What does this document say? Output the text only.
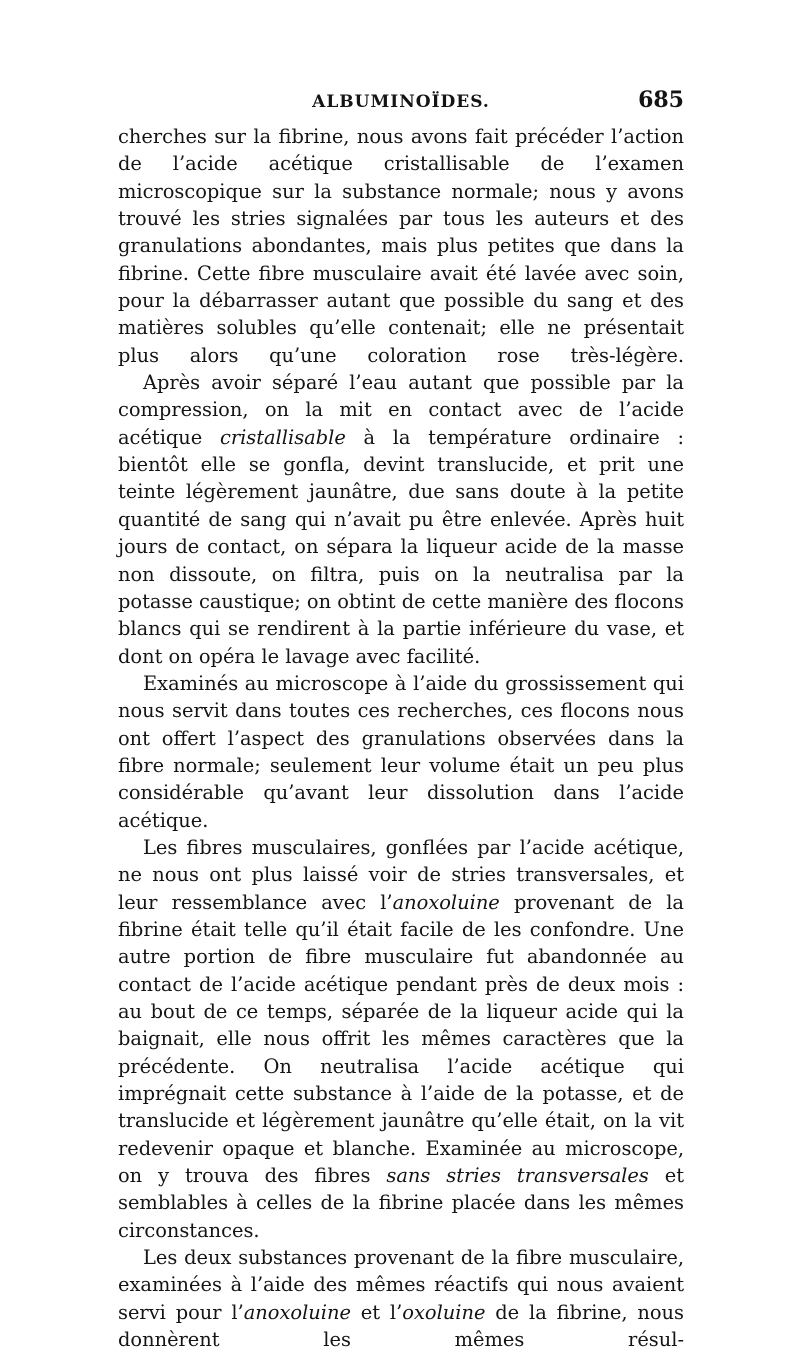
ALBUMINOÏDES.	685

cherches sur la fibrine, nous avons fait précéder l’action de l’acide acétique cristallisable de l’examen microscopique sur la substance normale; nous y avons trouvé les stries signalées par tous les auteurs et des granulations abondantes, mais plus petites que dans la fibrine. Cette fibre musculaire avait été lavée avec soin, pour la débarrasser autant que possible du sang et des matières solubles qu’elle contenait; elle ne présentait plus alors qu’une coloration rose très-légère.

Après avoir séparé l’eau autant que possible par la compression, on la mit en contact avec de l’acide acétique cristallisable à la température ordinaire : bientôt elle se gonfla, devint translucide, et prit une teinte légèrement jaunâtre, due sans doute à la petite quantité de sang qui n’avait pu être enlevée. Après huit jours de contact, on sépara la liqueur acide de la masse non dissoute, on filtra, puis on la neutralisa par la potasse caustique; on obtint de cette manière des flocons blancs qui se rendirent à la partie inférieure du vase, et dont on opéra le lavage avec facilité.

Examinés au microscope à l’aide du grossissement qui nous servit dans toutes ces recherches, ces flocons nous ont offert l’aspect des granulations observées dans la fibre normale; seulement leur volume était un peu plus considérable qu’avant leur dissolution dans l’acide acétique.

Les fibres musculaires, gonflées par l’acide acétique, ne nous ont plus laissé voir de stries transversales, et leur ressemblance avec l’anoxoluine provenant de la fibrine était telle qu’il était facile de les confondre. Une autre portion de fibre musculaire fut abandonnée au contact de l’acide acétique pendant près de deux mois : au bout de ce temps, séparée de la liqueur acide qui la baignait, elle nous offrit les mêmes caractères que la précédente. On neutralisa l’acide acétique qui imprégnait cette substance à l’aide de la potasse, et de translucide et légèrement jaunâtre qu’elle était, on la vit redevenir opaque et blanche. Examinée au microscope, on y trouva des fibres sans stries transversales et semblables à celles de la fibrine placée dans les mêmes circonstances.

Les deux substances provenant de la fibre musculaire, examinées à l’aide des mêmes réactifs qui nous avaient servi pour l’anoxoluine et l’oxoluine de la fibrine, nous donnèrent les mêmes résul-
